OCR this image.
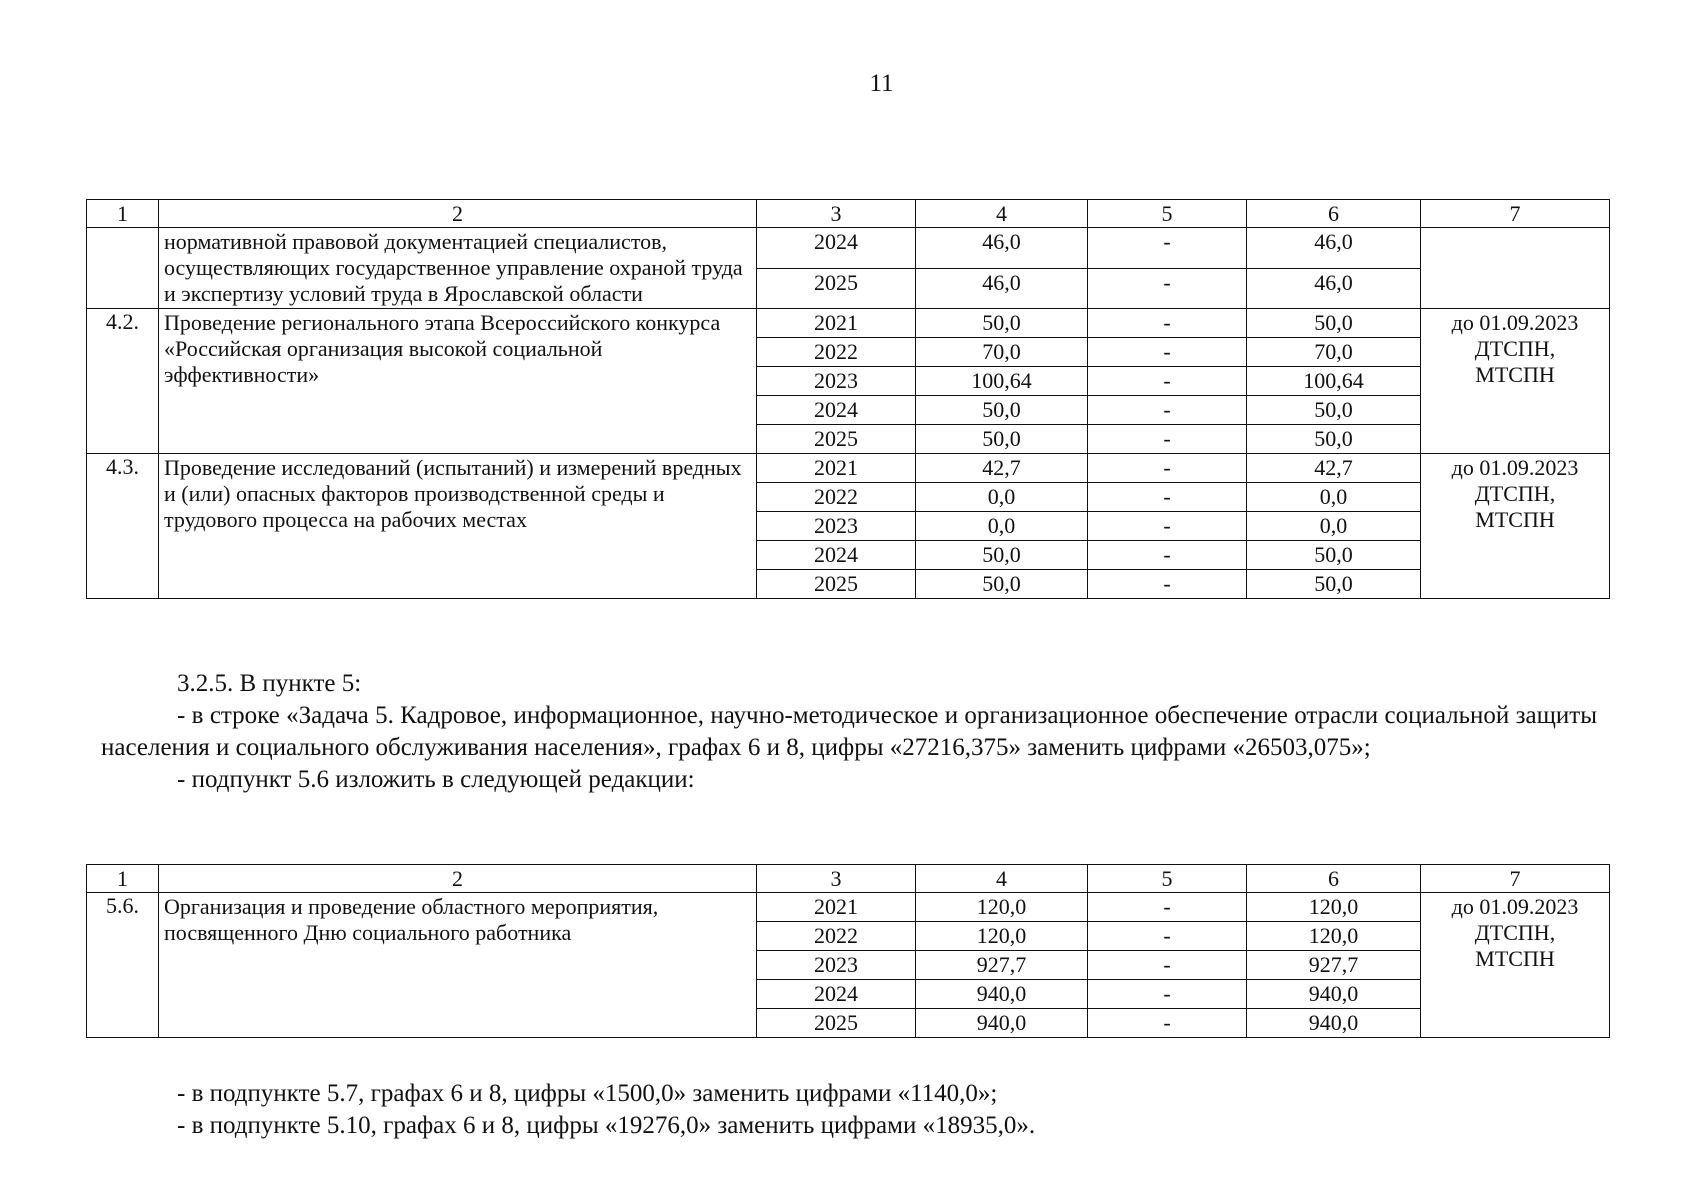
11
1	2	3	4	5	6	7
	нормативной правовой документацией специалистов, осуществляющих государственное управление охраной труда и экспертизу условий труда в Ярославской области	2024	46,0	-	46,0	
		2025	46,0	-	46,0	
4.2.	Проведение регионального этапа Всероссийского конкурса «Российская организация высокой социальной эффективности»	2021	50,0	-	50,0	до 01.09.2023
ДТСПН,
МТСПН

		2022	70,0	-	70,0	
		2023	100,64	-	100,64	
		2024	50,0	-	50,0	
		2025	50,0	-	50,0	
4.3.	Проведение исследований (испытаний) и измерений вредных и (или) опасных факторов производственной среды и трудового процесса на рабочих местах	2021	42,7	-	42,7	до 01.09.2023
ДТСПН,
МТСПН

		2022	0,0	-	0,0	
		2023	0,0	-	0,0	
		2024	50,0	-	50,0	
		2025	50,0	-	50,0	
3.2.5. В пункте 5:
- в строке «Задача 5. Кадровое, информационное, научно-методическое и организационное обеспечение отрасли социальной защиты населения и социального обслуживания населения», графах 6 и 8, цифры «27216,375» заменить цифрами «26503,075»;
- подпункт 5.6 изложить в следующей редакции:
1	2	3	4	5	6	7
5.6.	Организация и проведение областного мероприятия, посвященного Дню социального работника	2021	120,0	-	120,0	до 01.09.2023
ДТСПН,
МТСПН

		2022	120,0	-	120,0	
		2023	927,7	-	927,7	
		2024	940,0	-	940,0	
		2025	940,0	-	940,0	
- в подпункте 5.7, графах 6 и 8, цифры «1500,0» заменить цифрами «1140,0»;
- в подпункте 5.10, графах 6 и 8, цифры «19276,0» заменить цифрами «18935,0».
